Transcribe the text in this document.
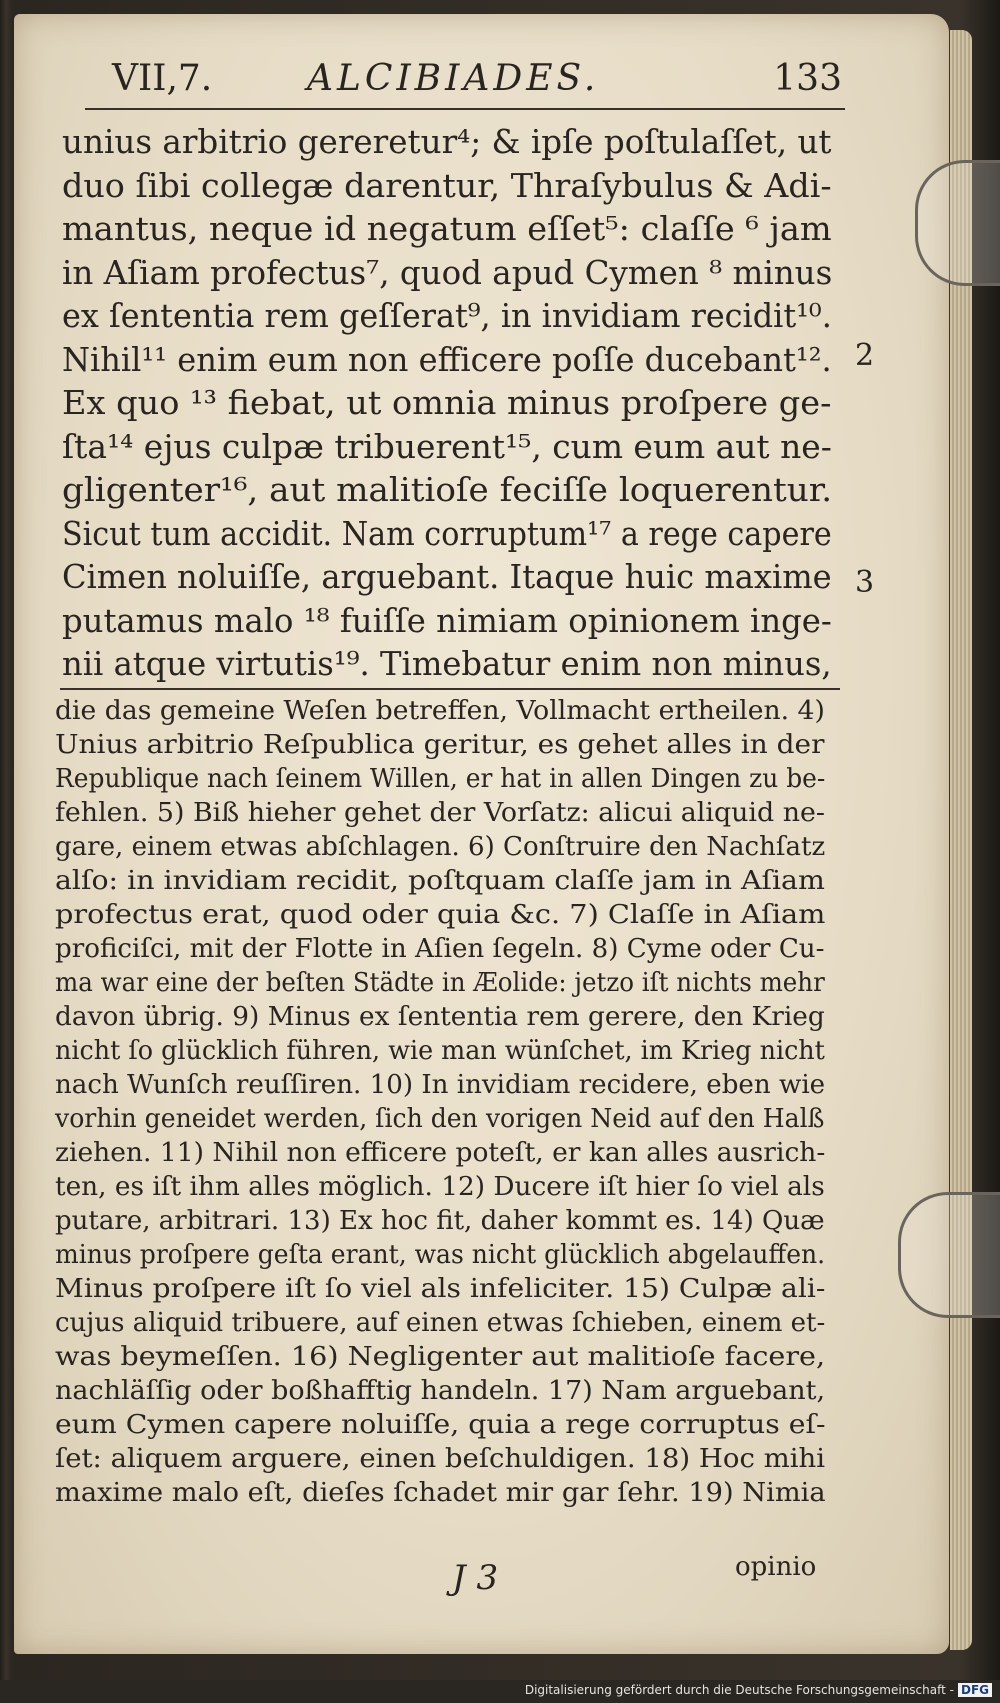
VII,7.	ALCIBIADES.	133
unius arbitrio gereretur⁴; & ipſe poſtulaſſet, ut
duo ſibi collegæ darentur, Thraſybulus & Adi-
mantus, neque id negatum eſſet⁵: claſſe ⁶ jam
in Aſiam profectus⁷, quod apud Cymen ⁸ minus
ex ſententia rem geſſerat⁹, in invidiam recidit¹⁰.
Nihil¹¹ enim eum non efficere poſſe ducebant¹².
Ex quo ¹³ fiebat, ut omnia minus proſpere ge-
ſta¹⁴ ejus culpæ tribuerent¹⁵, cum eum aut ne-
gligenter¹⁶, aut malitioſe feciſſe loquerentur.
Sicut tum accidit. Nam corruptum¹⁷ a rege capere
Cimen noluiſſe, arguebant. Itaque huic maxime
putamus malo ¹⁸ fuiſſe nimiam opinionem inge-
nii atque virtutis¹⁹. Timebatur enim non minus,
2
3
die das gemeine Weſen betreffen, Vollmacht ertheilen. 4)
Unius arbitrio Reſpublica geritur, es gehet alles in der
Republique nach ſeinem Willen, er hat in allen Dingen zu be-
fehlen. 5) Biß hieher gehet der Vorſatz: alicui aliquid ne-
gare, einem etwas abſchlagen. 6) Conſtruire den Nachſatz
alſo: in invidiam recidit, poſtquam claſſe jam in Aſiam
profectus erat, quod oder quia &c. 7) Claſſe in Aſiam
proficiſci, mit der Flotte in Aſien ſegeln. 8) Cyme oder Cu-
ma war eine der beſten Städte in Æolide: jetzo iſt nichts mehr
davon übrig. 9) Minus ex ſententia rem gerere, den Krieg
nicht ſo glücklich führen, wie man wünſchet, im Krieg nicht
nach Wunſch reuſſiren. 10) In invidiam recidere, eben wie
vorhin geneidet werden, ſich den vorigen Neid auf den Halß
ziehen. 11) Nihil non efficere poteſt, er kan alles ausrich-
ten, es iſt ihm alles möglich. 12) Ducere iſt hier ſo viel als
putare, arbitrari. 13) Ex hoc fit, daher kommt es. 14) Quæ
minus proſpere geſta erant, was nicht glücklich abgelauffen.
Minus proſpere iſt ſo viel als infeliciter. 15) Culpæ ali-
cujus aliquid tribuere, auf einen etwas ſchieben, einem et-
was beymeſſen. 16) Negligenter aut malitioſe facere,
nachläſſig oder boßhafftig handeln. 17) Nam arguebant,
eum Cymen capere noluiſſe, quia a rege corruptus eſ-
ſet: aliquem arguere, einen beſchuldigen. 18) Hoc mihi
maxime malo eſt, dieſes ſchadet mir gar ſehr. 19) Nimia
J 3	opinio
Digitalisierung gefördert durch die Deutsche Forschungsgemeinschaft - DFG
